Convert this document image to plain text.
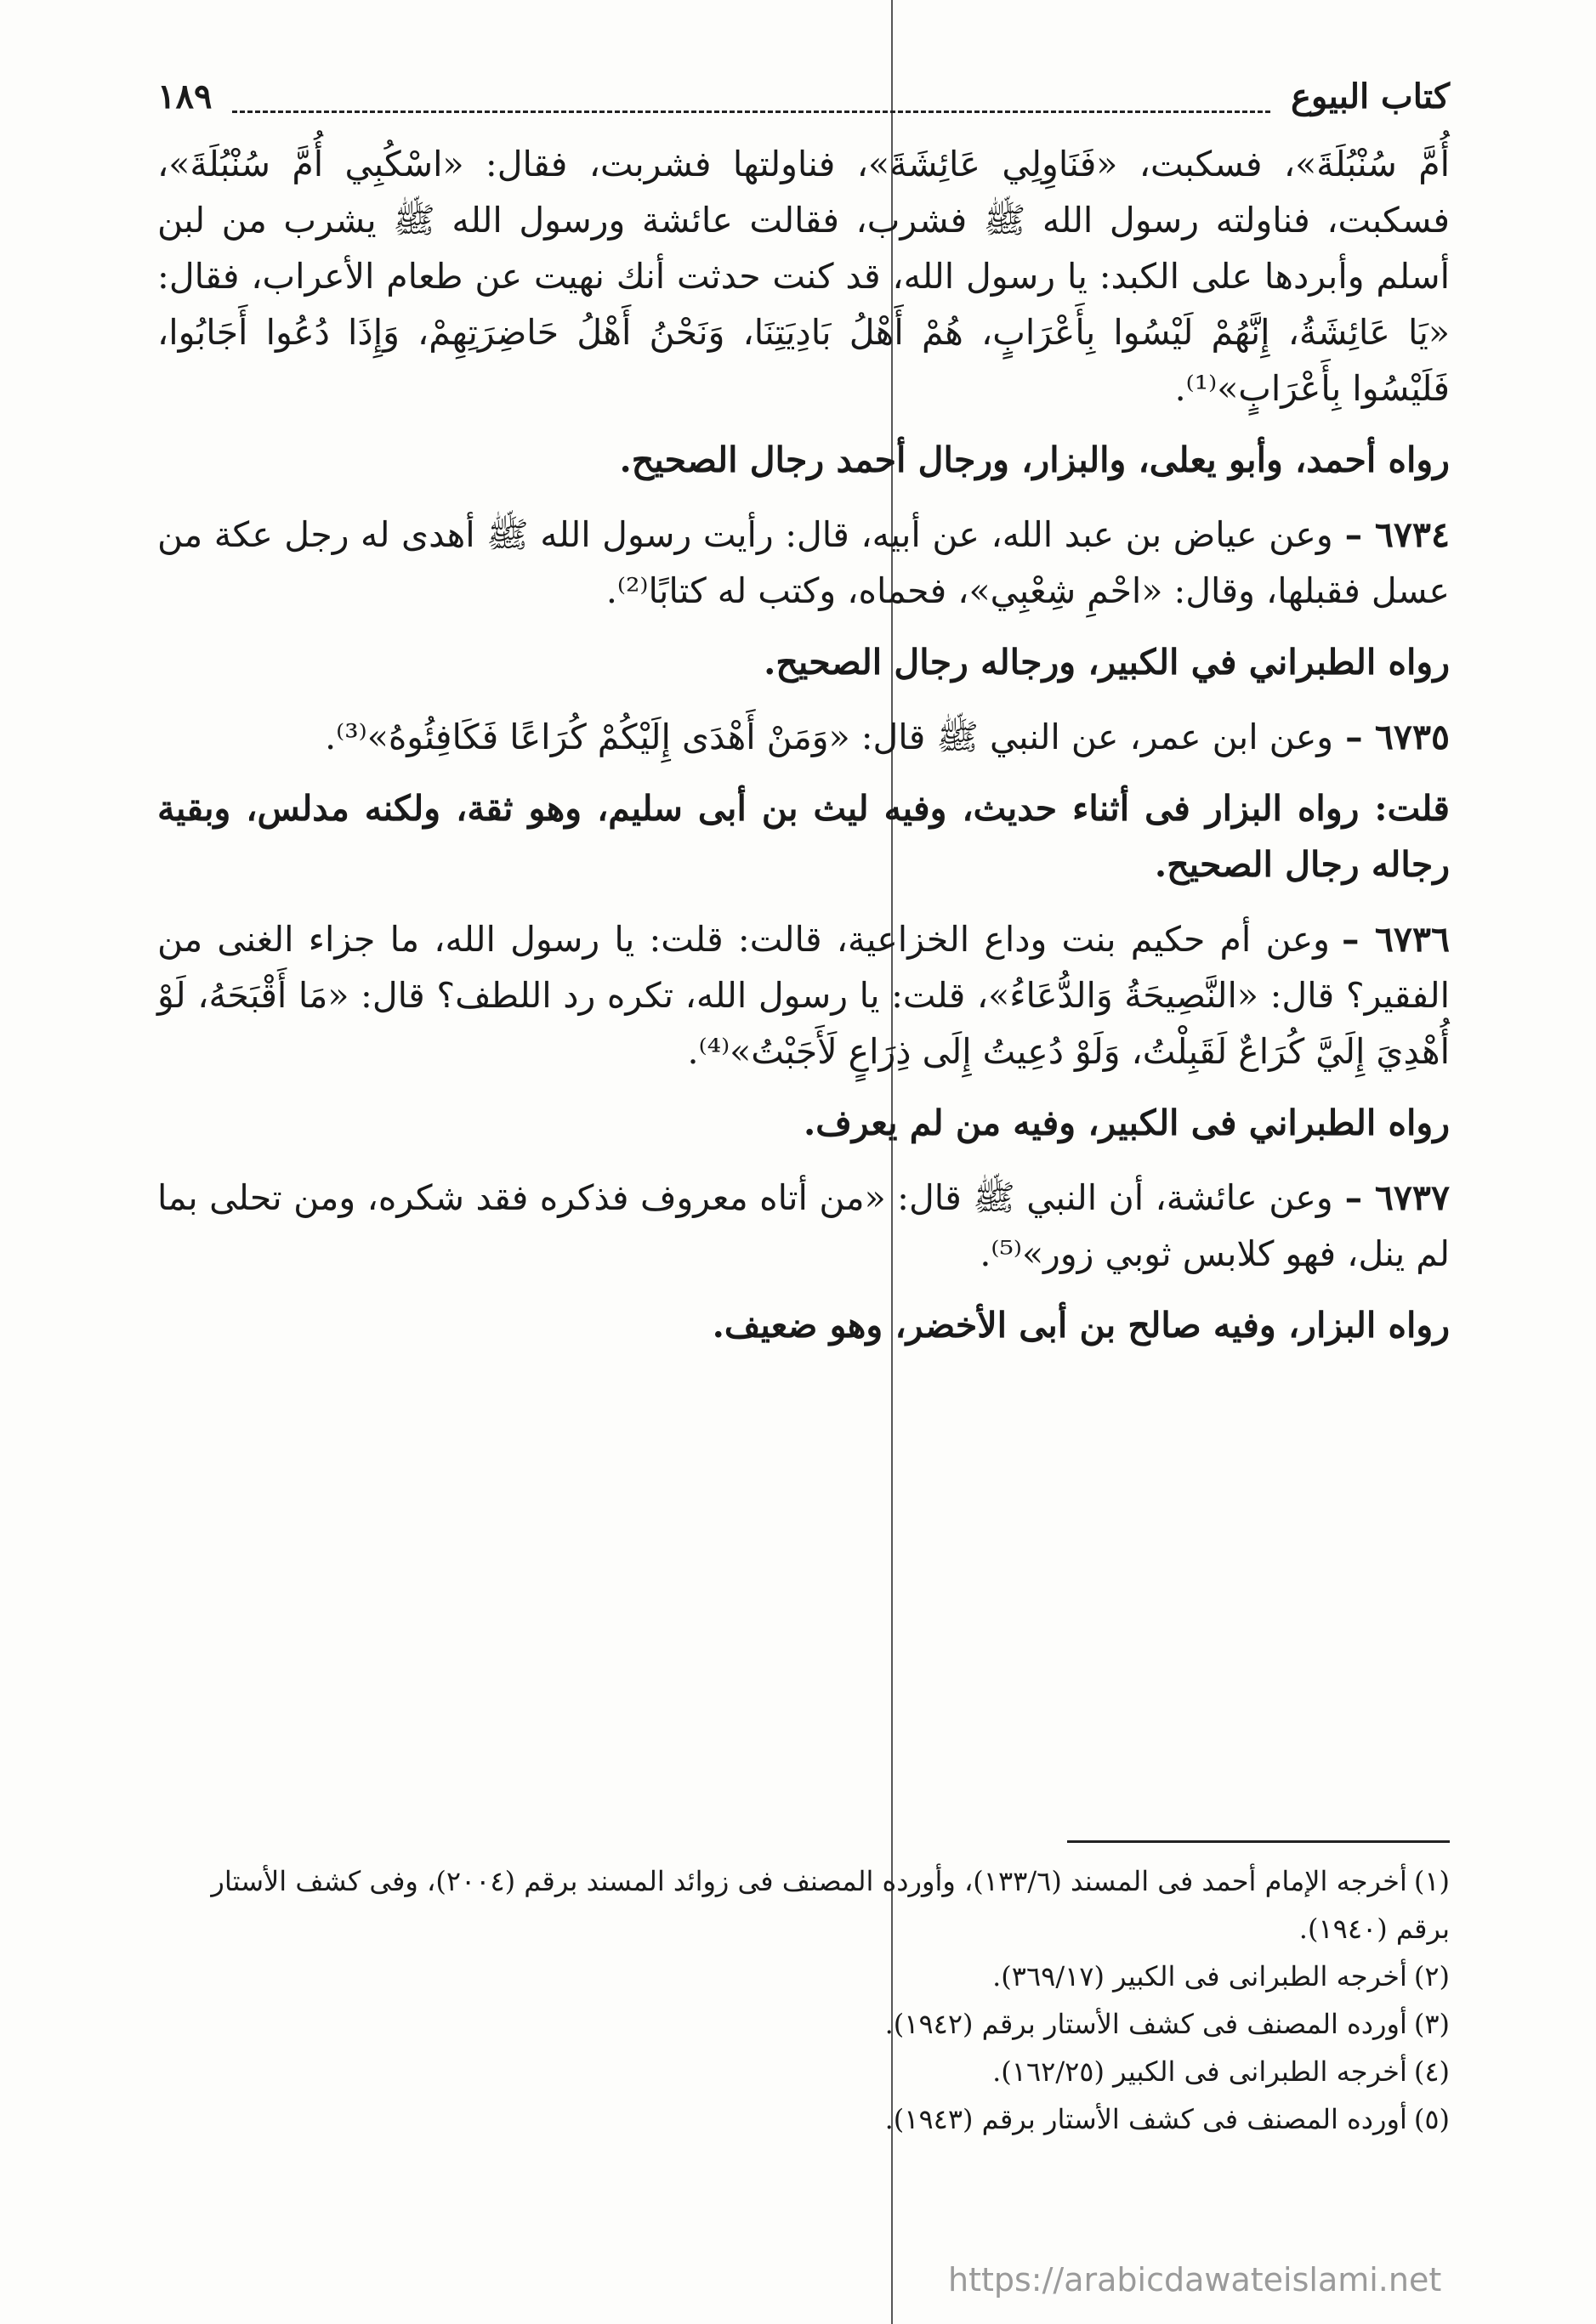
كتاب البيوع
١٨٩

أُمَّ سُنْبُلَةَ»، فسكبت، «فَنَاوِلِي عَائِشَةَ»، فناولتها فشربت، فقال: «اسْكُبِي أُمَّ سُنْبُلَةَ»، فسكبت، فناولته رسول الله ﷺ فشرب، فقالت عائشة ورسول الله ﷺ يشرب من لبن أسلم وأبردها على الكبد: يا رسول الله، قد كنت حدثت أنك نهيت عن طعام الأعراب، فقال: «يَا عَائِشَةُ، إِنَّهُمْ لَيْسُوا بِأَعْرَابٍ، هُمْ أَهْلُ بَادِيَتِنَا، وَنَحْنُ أَهْلُ حَاضِرَتِهِمْ، وَإِذَا دُعُوا أَجَابُوا، فَلَيْسُوا بِأَعْرَابٍ»⁽¹⁾.

رواه أحمد، وأبو يعلى، والبزار، ورجال أحمد رجال الصحيح.

٦٧٣٤ –وعن عياض بن عبد الله، عن أبيه، قال: رأيت رسول الله ﷺ أهدى له رجل عكة من عسل فقبلها، وقال: «احْمِ شِعْبِي»، فحماه، وكتب له كتابًا⁽²⁾.

رواه الطبراني في الكبير، ورجاله رجال الصحيح.

٦٧٣٥ –وعن ابن عمر، عن النبي ﷺ قال: «وَمَنْ أَهْدَى إِلَيْكُمْ كُرَاعًا فَكَافِئُوهُ»⁽³⁾.

قلت: رواه البزار فى أثناء حديث، وفيه ليث بن أبى سليم، وهو ثقة، ولكنه مدلس، وبقية رجاله رجال الصحيح.

٦٧٣٦ –وعن أم حكيم بنت وداع الخزاعية، قالت: قلت: يا رسول الله، ما جزاء الغنى من الفقير؟ قال: «النَّصِيحَةُ وَالدُّعَاءُ»، قلت: يا رسول الله، تكره رد اللطف؟ قال: «مَا أَقْبَحَهُ، لَوْ أُهْدِيَ إِلَيَّ كُرَاعٌ لَقَبِلْتُ، وَلَوْ دُعِيتُ إِلَى ذِرَاعٍ لَأَجَبْتُ»⁽⁴⁾.

رواه الطبراني فى الكبير، وفيه من لم يعرف.

٦٧٣٧ –وعن عائشة، أن النبي ﷺ قال: «من أتاه معروف فذكره فقد شكره، ومن تحلى بما لم ينل، فهو كلابس ثوبي زور»⁽⁵⁾.

رواه البزار، وفيه صالح بن أبى الأخضر، وهو ضعيف.

(١)أخرجه الإمام أحمد فى المسند (١٣٣/٦)، وأورده المصنف فى زوائد المسند برقم (٢٠٠٤)، وفى كشف الأستار برقم (١٩٤٠).

(٢)أخرجه الطبرانى فى الكبير (٣٦٩/١٧).

(٣)أورده المصنف فى كشف الأستار برقم (١٩٤٢).

(٤)أخرجه الطبرانى فى الكبير (١٦٢/٢٥).

(٥)أورده المصنف فى كشف الأستار برقم (١٩٤٣).

https://arabicdawateislami.net
